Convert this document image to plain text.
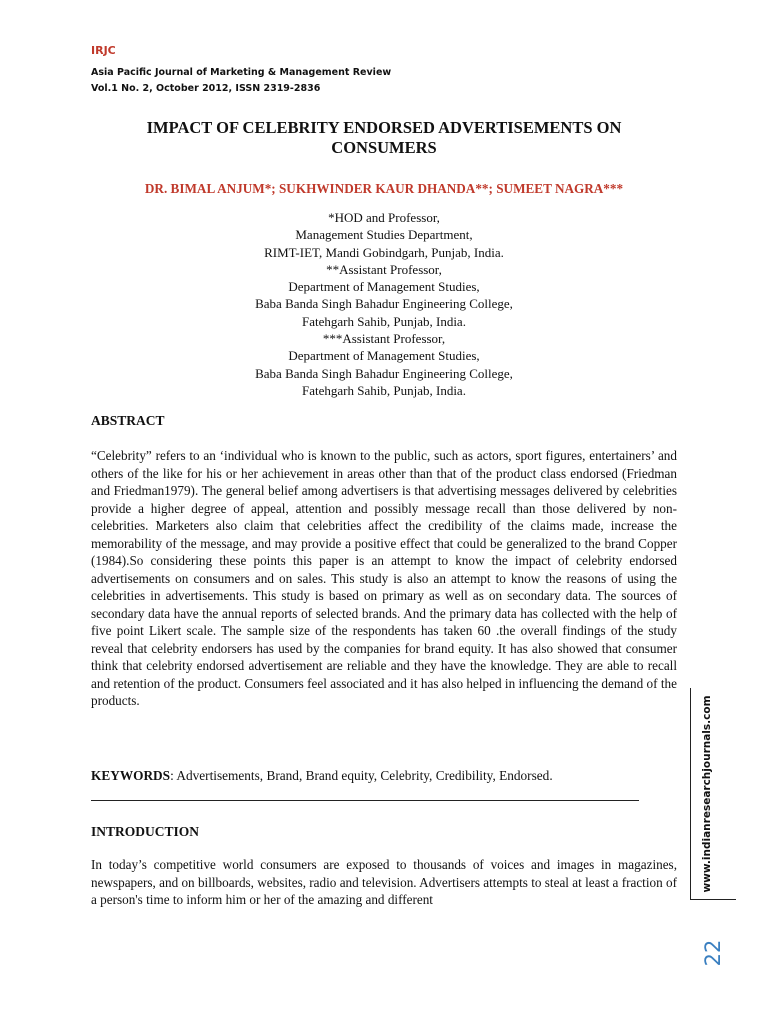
IRJC
Asia Pacific Journal of Marketing & Management Review
Vol.1 No. 2, October 2012, ISSN 2319-2836
IMPACT OF CELEBRITY ENDORSED ADVERTISEMENTS ON
CONSUMERS
DR. BIMAL ANJUM*; SUKHWINDER KAUR DHANDA**; SUMEET NAGRA***
*HOD and Professor,
Management Studies Department,
RIMT-IET, Mandi Gobindgarh, Punjab, India.
**Assistant Professor,
Department of Management Studies,
Baba Banda Singh Bahadur Engineering College,
Fatehgarh Sahib, Punjab, India.
***Assistant Professor,
Department of Management Studies,
Baba Banda Singh Bahadur Engineering College,
Fatehgarh Sahib, Punjab, India.
ABSTRACT

“Celebrity” refers to an ‘individual who is known to the public, such as actors, sport figures, entertainers’ and others of the like for his or her achievement in areas other than that of the product class endorsed (Friedman and Friedman1979). The general belief among advertisers is that advertising messages delivered by celebrities provide a higher degree of appeal, attention and possibly message recall than those delivered by non-celebrities. Marketers also claim that celebrities affect the credibility of the claims made, increase the memorability of the message, and may provide a positive effect that could be generalized to the brand Copper (1984).So considering these points this paper is an attempt to know the impact of celebrity endorsed advertisements on consumers and on sales. This study is also an attempt to know the reasons of using the celebrities in advertisements. This study is based on primary as well as on secondary data. The sources of secondary data have the annual reports of selected brands. And the primary data has collected with the help of five point Likert scale. The sample size of the respondents has taken 60 .the overall findings of the study reveal that celebrity endorsers has used by the companies for brand equity. It has also showed that consumer think that celebrity endorsed advertisement are reliable and they have the knowledge. They are able to recall and retention of the product. Consumers feel associated and it has also helped in influencing the demand of the products.

KEYWORDS: Advertisements, Brand, Brand equity, Celebrity, Credibility, Endorsed.
INTRODUCTION

In today’s competitive world consumers are exposed to thousands of voices and images in magazines, newspapers, and on billboards, websites, radio and television. Advertisers attempts to steal at least a fraction of a person's time to inform him or her of the amazing and different

www.indianresearchjournals.com
22
